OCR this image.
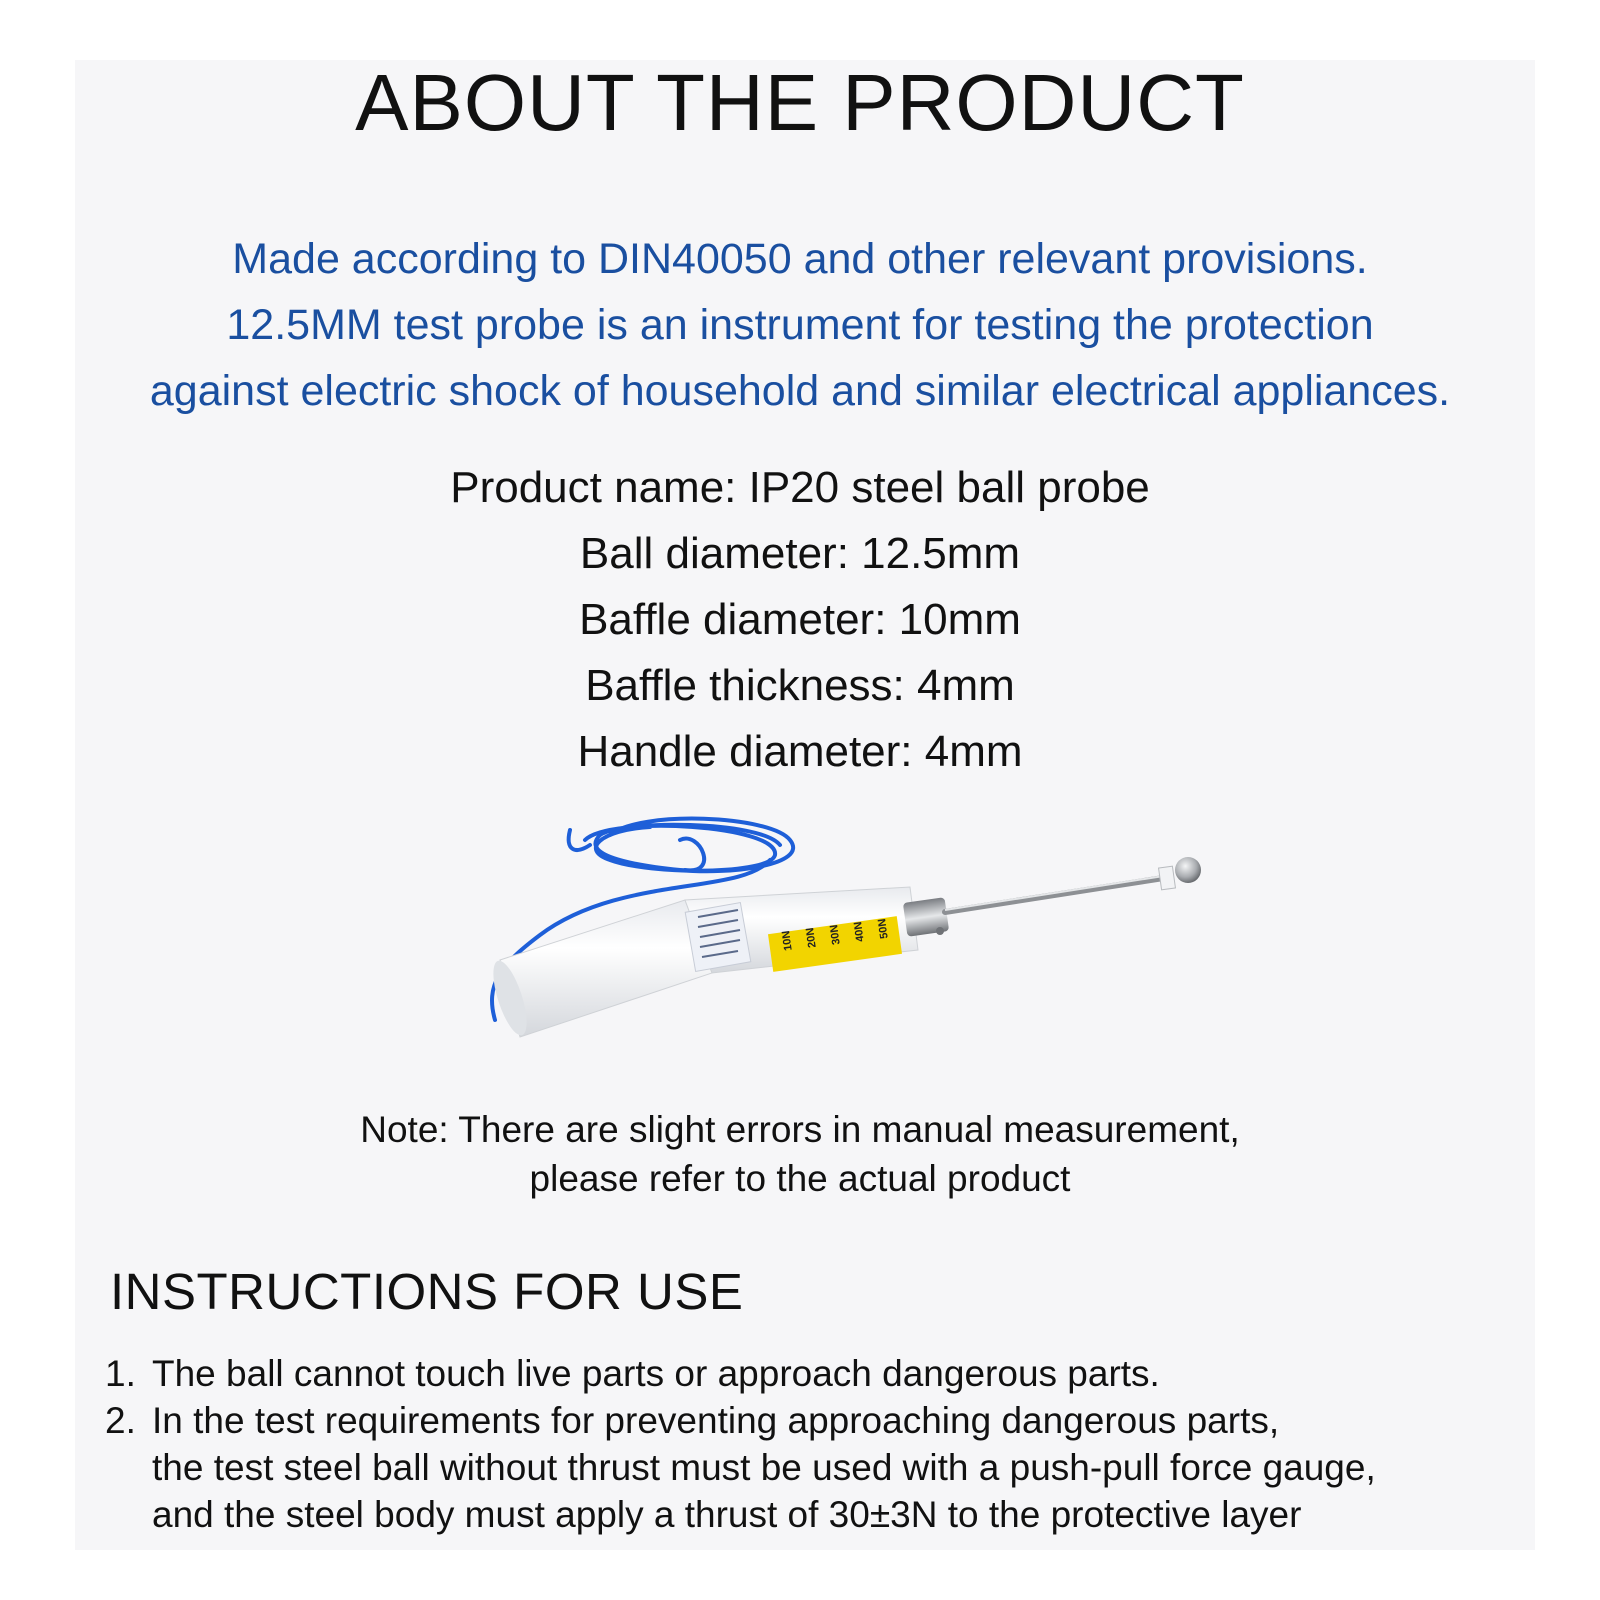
ABOUT THE PRODUCT
Made according to DIN40050 and other relevant provisions.
12.5MM test probe is an instrument for testing the protection
against electric shock of household and similar electrical appliances.
Product name: IP20 steel ball probe
Ball diameter: 12.5mm
Baffle diameter: 10mm
Baffle thickness: 4mm
Handle diameter: 4mm
10N 20N 30N 40N 50N
Note: There are slight errors in manual measurement,
please refer to the actual product
INSTRUCTIONS FOR USE
1. The ball cannot touch live parts or approach dangerous parts.
2. In the test requirements for preventing approaching dangerous parts,
the test steel ball without thrust must be used with a push-pull force gauge,
and the steel body must apply a thrust of 30±3N to the protective layer
